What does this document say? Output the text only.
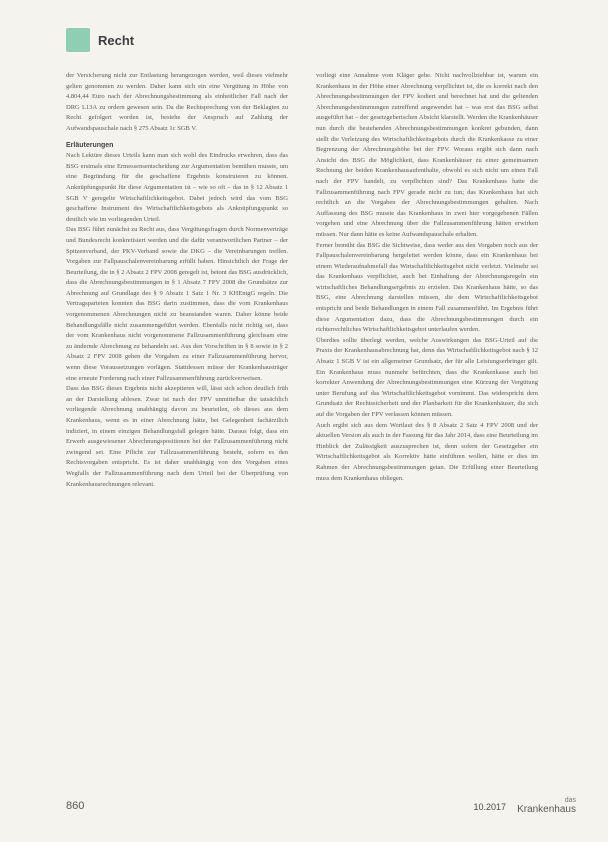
Recht

der Versicherung nicht zur Entlastung herangezogen werden, weil dieses vielmehr gelten genommen zu werden. Daher kann sich ein eine Vergütung in Höhe von 4.804,44 Euro nach der Abrechnungsbestimmung als einheitlicher Fall nach der DRG L13A zu ordern gewesen sein. Da die Rechtsprechung von der Beklagten zu Recht gefolgert worden ist, bestehe der Anspruch auf Zahlung der Aufwandspauschale nach § 275 Absatz 1c SGB V.

Erläuterungen

Nach Lektüre dieses Urteils kann man sich wohl des Eindrucks erwehren, dass das BSG erstmals eine Ermessensentscheidung zur Argumentation bemühen musste, um eine Begründung für die geschaffene Ergebnis konstruieren zu können. Anknüpfungspunkt für diese Argumentation ist – wie so oft – das in § 12 Absatz 1 SGB V geregelte Wirtschaftlichkeitsgebot. Dabei jedoch wird das vom BSG geschaffene Instrument des Wirtschaftlichkeitsgebots als Anknüpfungspunkt so deutlich wie im vorliegenden Urteil.

Das BSG führt zunächst zu Recht aus, dass Vergütungsfragen durch Normenverträge und Bundesrecht konkretisiert werden und die dafür verantwortlichen Partner – der Spitzenverband, der PKV-Verband sowie die DKG – die Vereinbarungen treffen. Vorgaben zur Fallpauschalenvereinbarung erfüllt haben. Hinsichtlich der Frage der Beurteilung, die in § 2 Absatz 2 FPV 2008 geregelt ist, betont das BSG ausdrücklich, dass die Abrechnungsbestimmungen in § 1 Absatz 7 FPV 2008 die Grundsätze zur Abrechnung auf Grundlage des § 9 Absatz 1 Satz 1 Nr. 3 KHEntgG regeln. Die Vertragsparteien konnten das BSG darin zustimmen, dass die vom Krankenhaus vorgenommenen Abrechnungen nicht zu beanstanden waren. Daher könne beide Behandlungsfälle nicht zusammengeführt werden. Ebenfalls nicht richtig sei, dass der vom Krankenhaus nicht vorgenommene Fallzusammenführung gleichsam eine zu ändernde Abrechnung zu behandeln sei. Aus den Vorschriften in § 8 sowie in § 2 Absatz 2 FPV 2008 gehen die Vorgaben zu einer Fallzusammenführung hervor, wenn diese Voraussetzungen vorlägen. Stattdessen müsse der Krankenhausträger eine erneute Forderung nach einer Fallzusammenführung zurückverweisen.

Dass das BSG dieses Ergebnis nicht akzeptieren will, lässt sich schon deutlich früh an der Darstellung ablesen. Zwar ist nach der FPV unmittelbar die tatsächlich vorliegende Abrechnung unabhängig davon zu beurteilen, ob dieses aus dem Krankenhaus, wenn es in einer Abrechnung hätte, bei Gelegenheit fachärztlich indiziert, in einem einzigen Behandlungsfall gelegen hätte. Daraus folgt, dass ein Erwerb ausgewiesener Abrechnungspositionen bei der Fallzusammenführung nicht zwingend sei. Eine Pflicht zur Fallzusammenführung besteht, sofern es den Rechtsvorgaben entspricht. Es ist daher unabhängig von den Vorgaben eines Wegfalls der Fallzusammenführung nach dem Urteil bei der Überprüfung von Krankenhausrechnungen relevant.

vorliegt eine Annahme vom Kläger gebe. Nicht nachvollziehbar ist, warum ein Krankenhaus in der Höhe einer Abrechnung verpflichtet ist, die es korrekt nach den Abrechnungsbestimmungen der FPV kodiert und berechnet hat und die geltenden Abrechnungsbestimmungen zutreffend angewendet hat – was erst das BSG selbst ausgeführt hat – der gesetzgeberischen Absicht klarstellt. Werden die Krankenhäuser nun durch die bestehenden Abrechnungsbestimmungen konkret gebunden, dann stellt die Verletzung des Wirtschaftlichkeitsgebots durch die Krankenkasse zu einer Begrenzung der Abrechnungshöhe bei der FPV. Woraus ergibt sich dann nach Ansicht des BSG die Möglichkeit, dass Krankenhäuser zu einer gemeinsamen Rechnung der beiden Krankenhausaufenthalte, obwohl es sich nicht um einen Fall nach der FPV handelt, zu verpflichten sind? Das Krankenhaus hatte die Fallzusammenführung nach FPV gerade nicht zu tun; das Krankenhaus hat sich rechtlich an die Vorgaben der Abrechnungsbestimmungen gehalten. Nach Auffassung des BSG musste das Krankenhaus in zwei hier vorgegebenen Fällen vorgehen und eine Abrechnung über die Fallzusammenführung hätten erwirken müssen. Nur dann hätte es keine Aufwandspauschale erhalten.

Ferner bemüht das BSG die Sichtweise, dass weder aus den Vorgaben noch aus der Fallpauschalenvereinbarung hergeleitet werden könne, dass ein Krankenhaus bei einem Wiederaufnahmefall das Wirtschaftlichkeitsgebot nicht verletzt. Vielmehr sei das Krankenhaus verpflichtet, auch bei Einhaltung der Abrechnungsregeln ein wirtschaftliches Behandlungsergebnis zu erzielen. Das Krankenhaus hätte, so das BSG, eine Abrechnung darstellen müssen, die dem Wirtschaftlichkeitsgebot entspricht und beide Behandlungen in einem Fall zusammenführt. Im Ergebnis führt diese Argumentation dazu, dass die Abrechnungsbestimmungen durch ein richterrechtliches Wirtschaftlichkeitsgebot unterlaufen werden.

Überdies sollte überlegt werden, welche Auswirkungen das BSG-Urteil auf die Praxis der Krankenhausabrechnung hat, denn das Wirtschaftlichkeitsgebot nach § 12 Absatz 1 SGB V ist ein allgemeiner Grundsatz, der für alle Leistungserbringer gilt. Ein Krankenhaus muss nunmehr befürchten, dass die Krankenkasse auch bei korrekter Anwendung der Abrechnungsbestimmungen eine Kürzung der Vergütung unter Berufung auf das Wirtschaftlichkeitsgebot vornimmt. Das widerspricht dem Grundsatz der Rechtssicherheit und der Planbarkeit für die Krankenhäuser, die sich auf die Vorgaben der FPV verlassen können müssen.

Auch ergibt sich aus dem Wortlaut des § 8 Absatz 2 Satz 4 FPV 2008 und der aktuellen Version als auch in der Fassung für das Jahr 2014, dass eine Beurteilung im Hinblick der Zulässigkeit auszusprechen ist, denn sofern der Gesetzgeber ein Wirtschaftlichkeitsgebot als Korrektiv hätte einführen wollen, hätte er dies im Rahmen der Abrechnungsbestimmungen getan. Die Erfüllung einer Beurteilung muss dem Krankenhaus obliegen.

860	10.2017
das
Krankenhaus
